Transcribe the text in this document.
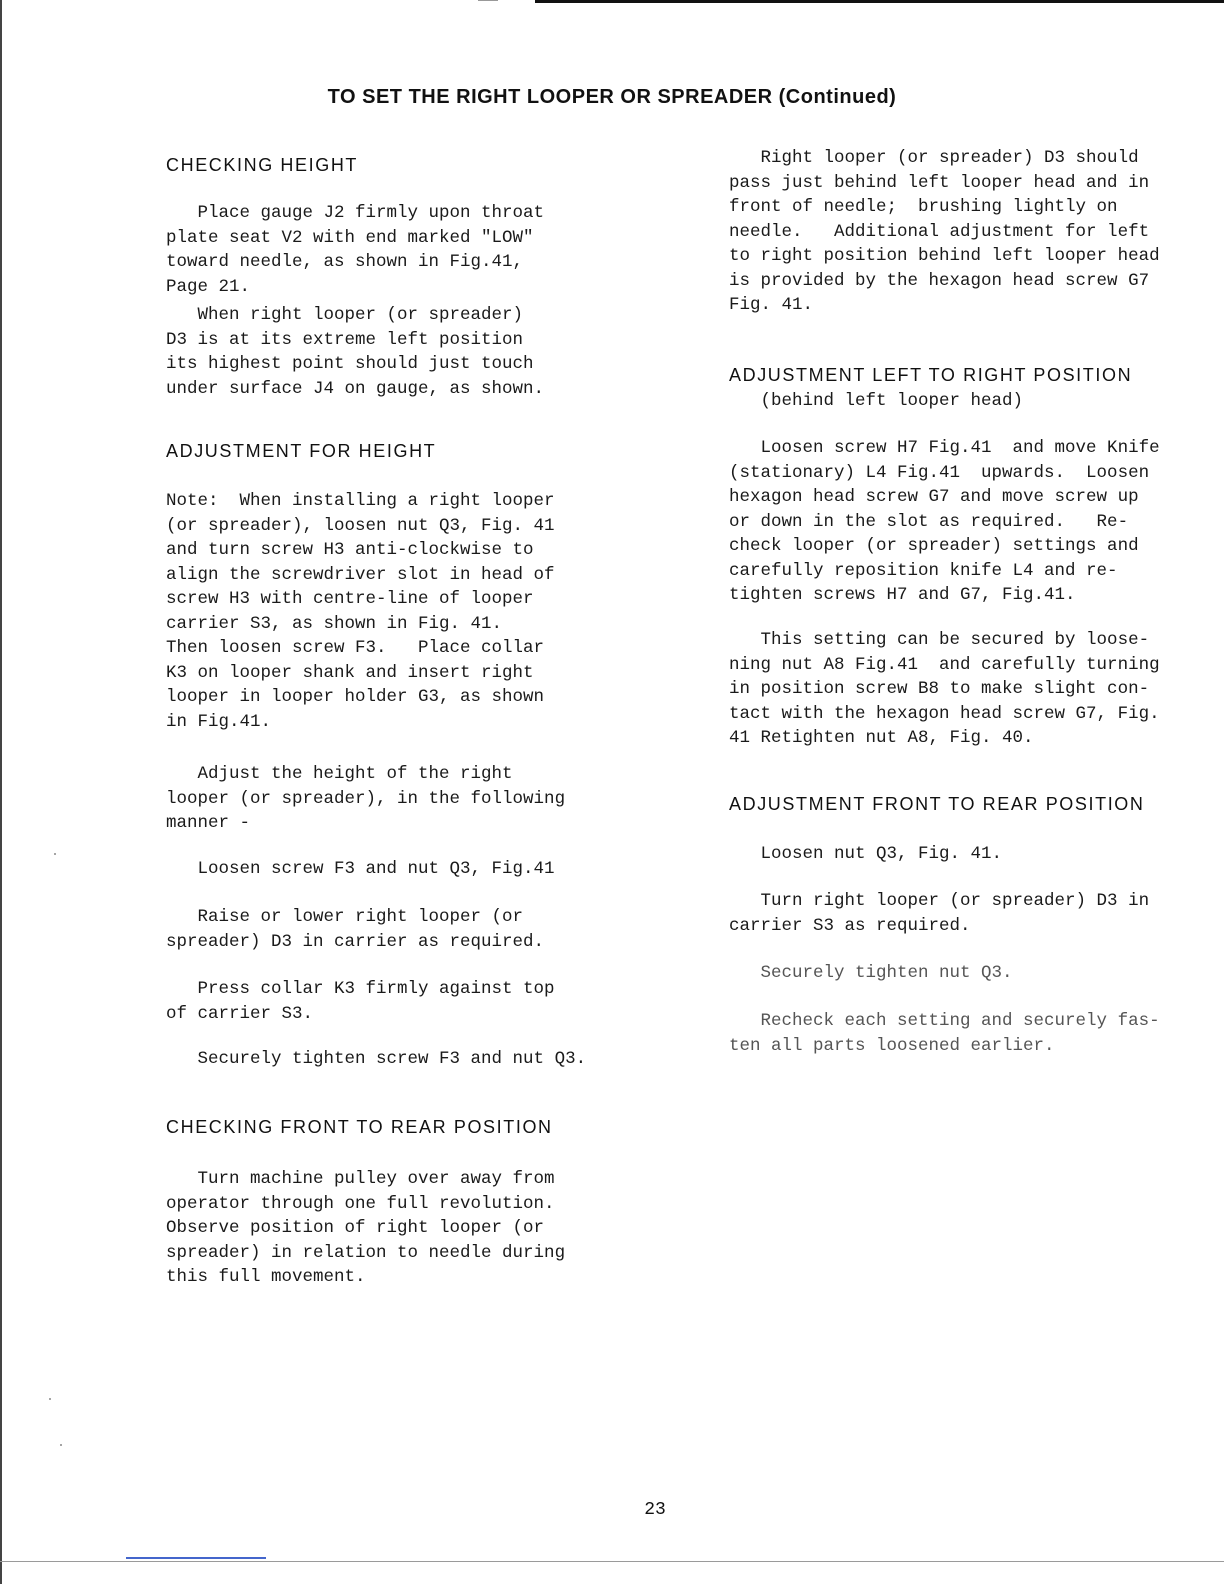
TO SET THE RIGHT LOOPER OR SPREADER (Continued)
CHECKING HEIGHT
Place gauge J2 firmly upon throat
plate seat V2 with end marked "LOW"
toward needle, as shown in Fig.41,
Page 21.
When right looper (or spreader)
D3 is at its extreme left position
its highest point should just touch
under surface J4 on gauge, as shown.
ADJUSTMENT FOR HEIGHT
Note:  When installing a right looper
(or spreader), loosen nut Q3, Fig. 41
and turn screw H3 anti-clockwise to
align the screwdriver slot in head of
screw H3 with centre-line of looper
carrier S3, as shown in Fig. 41.
Then loosen screw F3.   Place collar
K3 on looper shank and insert right
looper in looper holder G3, as shown
in Fig.41.
Adjust the height of the right
looper (or spreader), in the following
manner -
Loosen screw F3 and nut Q3, Fig.41
Raise or lower right looper (or
spreader) D3 in carrier as required.
Press collar K3 firmly against top
of carrier S3.
Securely tighten screw F3 and nut Q3.
CHECKING FRONT TO REAR POSITION
Turn machine pulley over away from
operator through one full revolution.
Observe position of right looper (or
spreader) in relation to needle during
this full movement.
Right looper (or spreader) D3 should
pass just behind left looper head and in
front of needle;  brushing lightly on
needle.   Additional adjustment for left
to right position behind left looper head
is provided by the hexagon head screw G7
Fig. 41.
ADJUSTMENT LEFT TO RIGHT POSITION
(behind left looper head)
Loosen screw H7 Fig.41  and move Knife
(stationary) L4 Fig.41  upwards.  Loosen
hexagon head screw G7 and move screw up
or down in the slot as required.   Re-
check looper (or spreader) settings and
carefully reposition knife L4 and re-
tighten screws H7 and G7, Fig.41.
This setting can be secured by loose-
ning nut A8 Fig.41  and carefully turning
in position screw B8 to make slight con-
tact with the hexagon head screw G7, Fig.
41 Retighten nut A8, Fig. 40.
ADJUSTMENT FRONT TO REAR POSITION
Loosen nut Q3, Fig. 41.
Turn right looper (or spreader) D3 in
carrier S3 as required.
Securely tighten nut Q3.
Recheck each setting and securely fas-
ten all parts loosened earlier.
23
